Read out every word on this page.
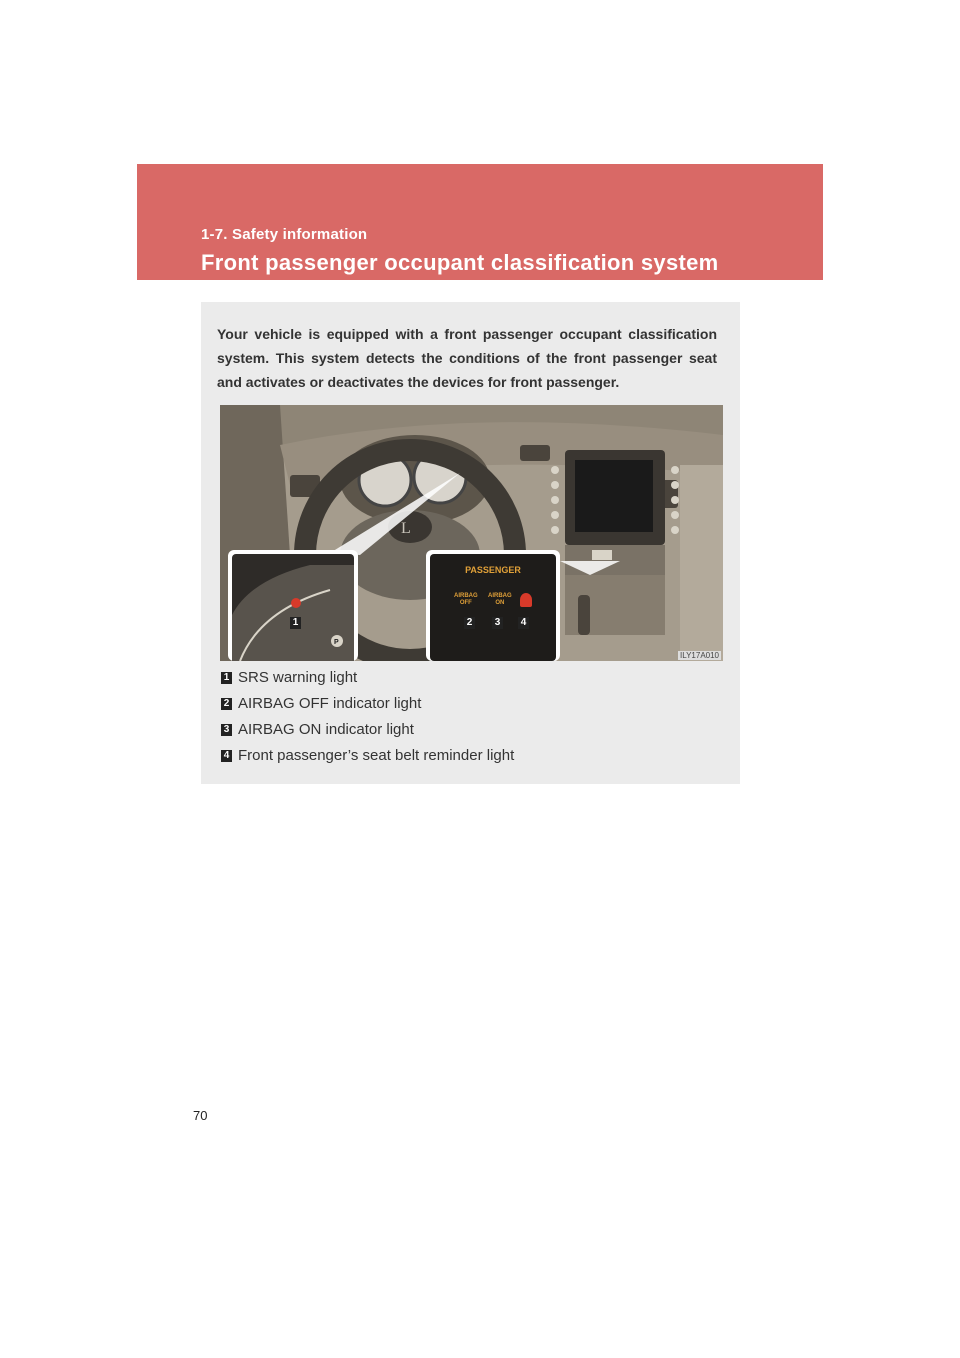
1-7. Safety information
Front passenger occupant classification system
Your vehicle is equipped with a front passenger occupant classification system. This system detects the conditions of the front passenger seat and activates or deactivates the devices for front passenger.
L
P
PASSENGER
AIRBAG
OFF
AIRBAG
ON
1	2 3 4
ILY17A010
1 SRS warning light
2 AIRBAG OFF indicator light
3 AIRBAG ON indicator light
4 Front passenger’s seat belt reminder light
70
